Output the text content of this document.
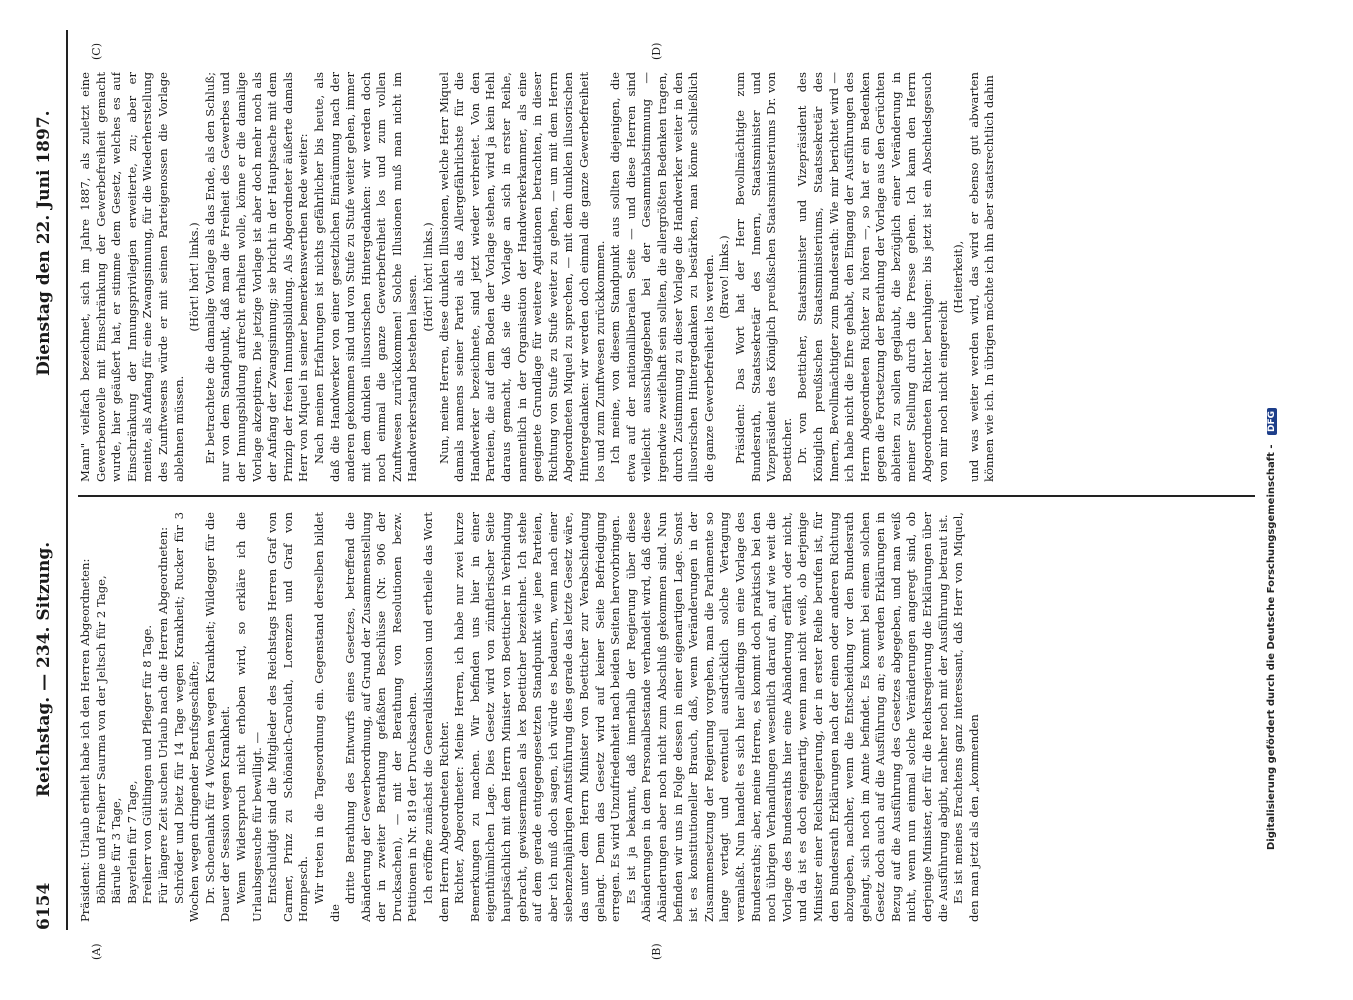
6154
Reichstag. — 234. Sitzung.
Dienstag den 22. Juni 1897.
(A)	(B)
(C)	(D)

Präsident: Urlaub erhielt habe ich den Herren Abgeordneten: Böhme und Freiherr Saurma von der Jeltsch für 2 Tage, Bärule für 3 Tage, Bayerlein für 7 Tage, Freiherr von Gültlingen und Pfleger für 8 Tage. Für längere Zeit suchen Urlaub nach die Herren Abgeordneten: Schröder und Dietz für 14 Tage wegen Krankheit; Rucker für 3 Wochen wegen dringender Berufsgeschäfte; Dr. Schoenlank für 4 Wochen wegen Krankheit; Wildegger für die Dauer der Session wegen Krankheit. Wenn Widerspruch nicht erhoben wird, so erkläre ich die Urlaubsgesuche für bewilligt. — Entschuldigt sind die Mitglieder des Reichstags Herren Graf von Carmer, Prinz zu Schönaich-Carolath, Lorenzen und Graf von Hompesch. Wir treten in die Tagesordnung ein. Gegenstand derselben bildet die

dritte Berathung des Entwurfs eines Gesetzes, betreffend die Abänderung der Gewerbeordnung, auf Grund der Zusammenstellung der in zweiter Berathung gefaßten Beschlüsse (Nr. 906 der Drucksachen), — mit der Berathung von Resolutionen bezw. Petitionen in Nr. 819 der Drucksachen. Ich eröffne zunächst die Generaldiskussion und ertheile das Wort dem Herrn Abgeordneten Richter. Richter, Abgeordneter: Meine Herren, ich habe nur zwei kurze Bemerkungen zu machen. Wir befinden uns hier in einer eigenthümlichen Lage. Dies Gesetz wird von zünftlerischer Seite hauptsächlich mit dem Herrn Minister von Boetticher in Verbindung gebracht, gewissermaßen als lex Boetticher bezeichnet. Ich stehe auf dem gerade entgegengesetzten Standpunkt wie jene Parteien, aber ich muß doch sagen, ich würde es bedauern, wenn nach einer siebenzehnjährigen Amtsführung dies gerade das letzte Gesetz wäre, das unter dem Herrn Minister von Boetticher zur Verabschiedung gelangt. Denn das Gesetz wird auf keiner Seite Befriedigung erregen. Es wird Unzufriedenheit nach beiden Seiten hervorbringen. Es ist ja bekannt, daß innerhalb der Regierung über diese Abänderungen in dem Personalbestande verhandelt wird, daß diese Abänderungen aber noch nicht zum Abschluß gekommen sind. Nun befinden wir uns in Folge dessen in einer eigenartigen Lage. Sonst ist es konstitutioneller Brauch, daß, wenn Veränderungen in der Zusammensetzung der Regierung vorgehen, man die Parlamente so lange vertagt und eventuell ausdrücklich solche Vertagung veranlaßt. Nun handelt es sich hier allerdings um eine Vorlage des Bundesraths; aber, meine Herren, es kommt doch praktisch bei den noch übrigen Verhandlungen wesentlich darauf an, auf wie weit die Vorlage des Bundesraths hier eine Abänderung erfährt oder nicht, und da ist es doch eigenartig, wenn man nicht weiß, ob derjenige Minister einer Reichsregierung, der in erster Reihe berufen ist, für den Bundesrath Erklärungen nach der einen oder anderen Richtung abzugeben, nachher, wenn die Entscheidung vor den Bundesrath gelangt, sich noch im Amte befindet. Es kommt bei einem solchen Gesetz doch auch auf die Ausführung an; es werden Erklärungen in Bezug auf die Ausführung des Gesetzes abgegeben, und man weiß nicht, wenn nun einmal solche Veränderungen angeregt sind, ob derjenige Minister, der für die Reichsregierung die Erklärungen über die Ausführung abgibt, nachher noch mit der Ausführung betraut ist. Es ist meines Erachtens ganz interessant, daß Herr von Miquel, den man jetzt als den „kommenden

Mann" vielfach bezeichnet, sich im Jahre 1887, als zuletzt eine Gewerbenovelle mit Einschränkung der Gewerbefreiheit gemacht wurde, hier geäußert hat, er stimme dem Gesetz, welches es auf Einschränkung der Innungsprivilegien erweiterte, zu; aber er meinte, als Anfang für eine Zwangsinnung, für die Wiederherstellung des Zunftwesens würde er mit seinen Parteigenossen die Vorlage ablehnen müssen.

(Hört! hört! links.) Er betrachtete die damalige Vorlage als das Ende, als den Schluß; nur von dem Standpunkt, daß man die Freiheit des Gewerbes und der Innungsbildung aufrecht erhalten wolle, könne er die damalige Vorlage akzeptiren. Die jetzige Vorlage ist aber doch mehr noch als der Anfang der Zwangsinnung; sie bricht in der Hauptsache mit dem Prinzip der freien Innungsbildung. Als Abgeordneter äußerte damals Herr von Miquel in seiner bemerkenswerthen Rede weiter: Nach meinen Erfahrungen ist nichts gefährlicher bis heute, als daß die Handwerker von einer gesetzlichen Einräumung nach der anderen gekommen sind und von Stufe zu Stufe weiter gehen, immer mit dem dunklen illusorischen Hintergedanken: wir werden doch noch einmal die ganze Gewerbefreiheit los und zum vollen Zunftwesen zurückkommen! Solche Illusionen muß man nicht im Handwerkerstand bestehen lassen. (Hört! hört! links.) Nun, meine Herren, diese dunklen Illusionen, welche Herr Miquel damals namens seiner Partei als das Allergefährlichste für die Handwerker bezeichnete, sind jetzt wieder verbreitet. Von den Parteien, die auf dem Boden der Vorlage stehen, wird ja kein Hehl daraus gemacht, daß sie die Vorlage an sich in erster Reihe, namentlich in der Organisation der Handwerkerkammer, als eine geeignete Grundlage für weitere Agitationen betrachten, in dieser Richtung von Stufe zu Stufe weiter zu gehen, — um mit dem Herrn Abgeordneten Miquel zu sprechen, — mit dem dunklen illusorischen Hintergedanken: wir werden doch einmal die ganze Gewerbefreiheit los und zum Zunftwesen zurückkommen. Ich meine, von diesem Standpunkt aus sollten diejenigen, die etwa auf der nationalliberalen Seite — und diese Herren sind vielleicht ausschlaggebend bei der Gesammtabstimmung — irgendwie zweifelhaft sein sollten, die allergrößten Bedenken tragen, durch Zustimmung zu dieser Vorlage die Handwerker weiter in den illusorischen Hintergedanken zu bestärken, man könne schließlich die ganze Gewerbefreiheit los werden. (Bravo! links.) Präsident: Das Wort hat der Herr Bevollmächtigte zum Bundesrath, Staatssekretär des Innern, Staatsminister und Vizepräsident des Königlich preußischen Staatsministeriums Dr. von Boetticher. Dr. von Boetticher, Staatsminister und Vizepräsident des Königlich preußischen Staatsministeriums, Staatssekretär des Innern, Bevollmächtigter zum Bundesrath: Wie mir berichtet wird — ich habe nicht die Ehre gehabt, den Eingang der Ausführungen des Herrn Abgeordneten Richter zu hören —, so hat er ein Bedenken gegen die Fortsetzung der Berathung der Vorlage aus den Gerüchten ableiten zu sollen geglaubt, die bezüglich einer Veränderung in meiner Stellung durch die Presse gehen. Ich kann den Herrn Abgeordneten Richter beruhigen: bis jetzt ist ein Abschiedsgesuch von mir noch nicht eingereicht

(Heiterkeit), und was weiter werden wird, das wird er ebenso gut abwarten können wie ich. In übrigen möchte ich ihn aber staatsrechtlich dahin

Digitalisierung gefördert durch die Deutsche Forschungsgemeinschaft - DFG
